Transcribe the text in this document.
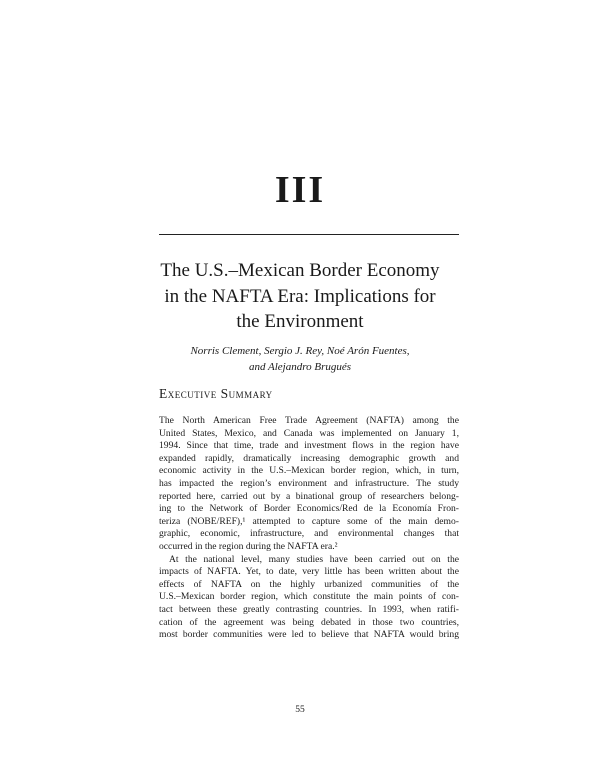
III
The U.S.–Mexican Border Economy
in the NAFTA Era: Implications for
the Environment
Norris Clement, Sergio J. Rey, Noé Arón Fuentes,
and Alejandro Brugués
Executive Summary
The North American Free Trade Agreement (NAFTA) among the
United States, Mexico, and Canada was implemented on January 1,
1994. Since that time, trade and investment flows in the region have
expanded rapidly, dramatically increasing demographic growth and
economic activity in the U.S.–Mexican border region, which, in turn,
has impacted the region’s environment and infrastructure. The study
reported here, carried out by a binational group of researchers belong-
ing to the Network of Border Economics/Red de la Economía Fron-
teriza (NOBE/REF),¹ attempted to capture some of the main demo-
graphic, economic, infrastructure, and environmental changes that
occurred in the region during the NAFTA era.²
At the national level, many studies have been carried out on the
impacts of NAFTA. Yet, to date, very little has been written about the
effects of NAFTA on the highly urbanized communities of the
U.S.–Mexican border region, which constitute the main points of con-
tact between these greatly contrasting countries. In 1993, when ratifi-
cation of the agreement was being debated in those two countries,
most border communities were led to believe that NAFTA would bring
55
